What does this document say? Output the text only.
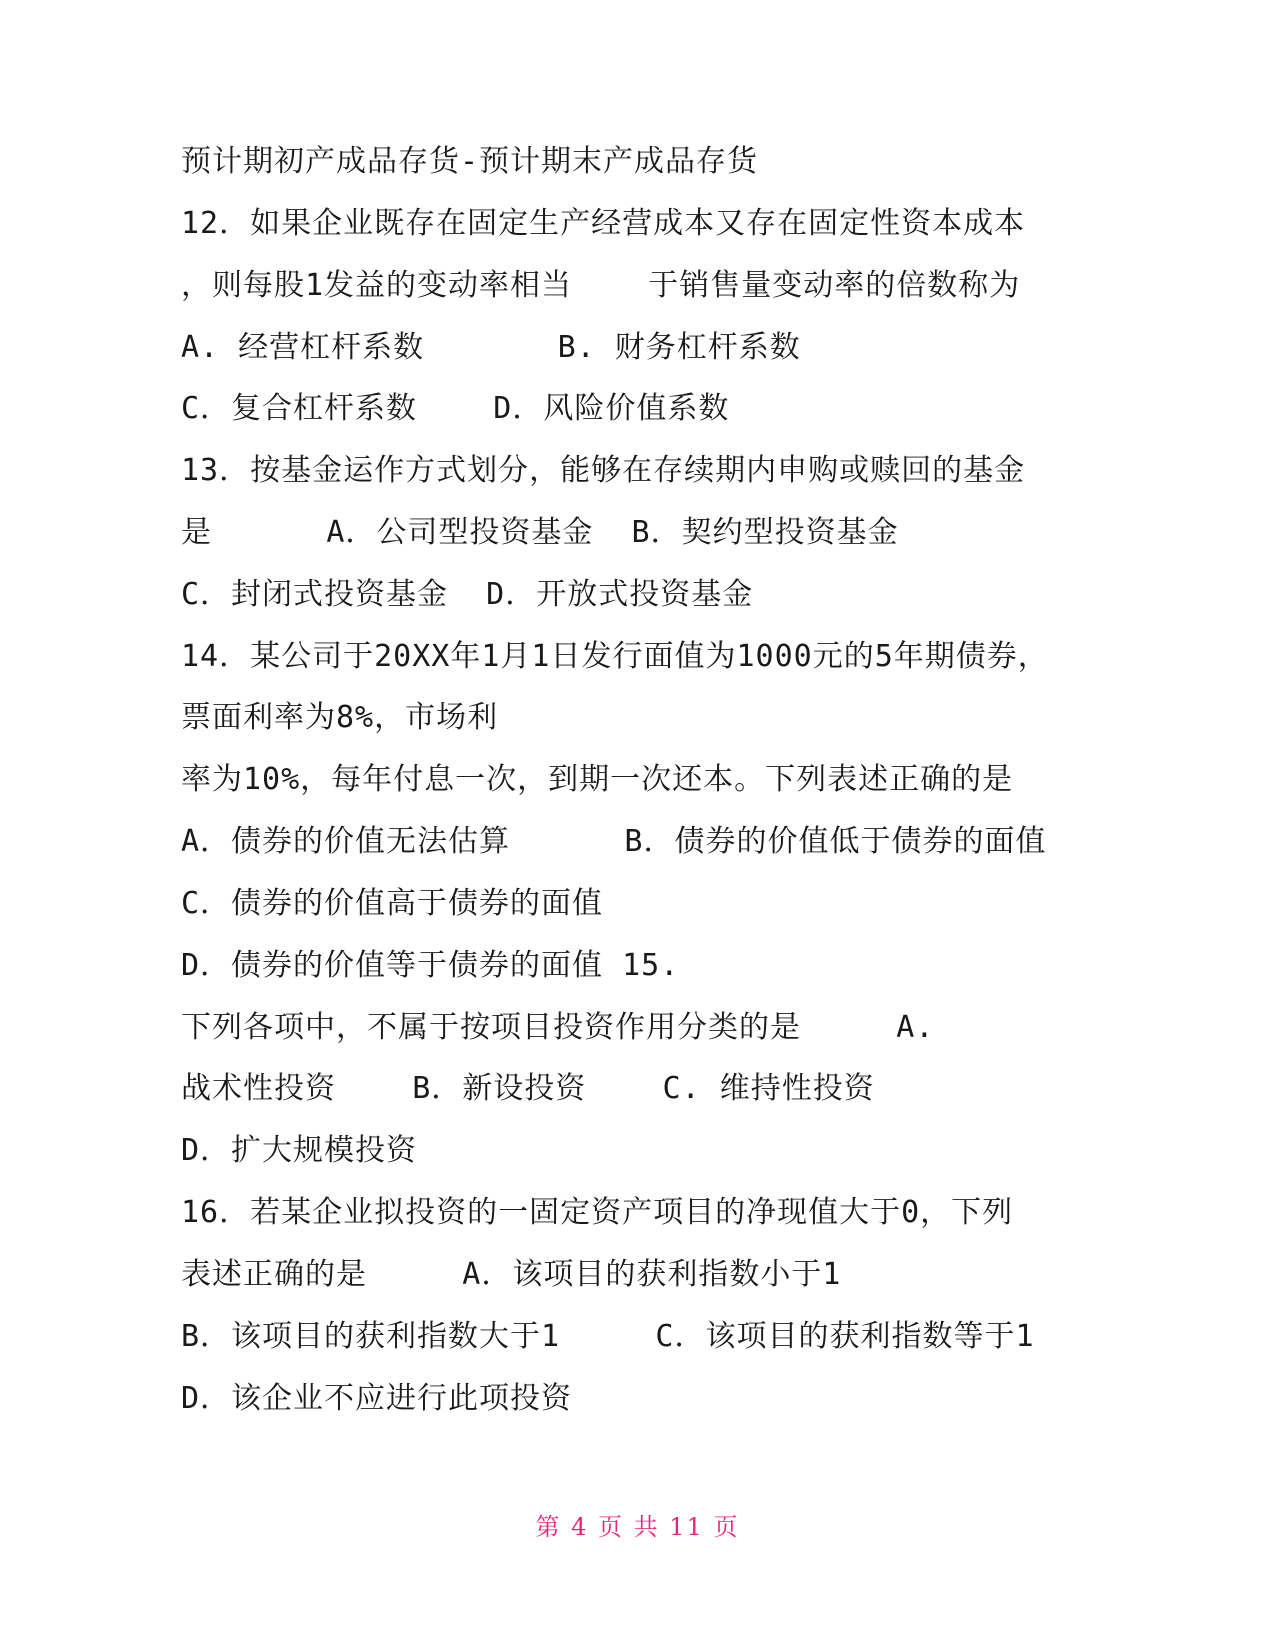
预计期初产成品存货-预计期末产成品存货
12．如果企业既存在固定生产经营成本又存在固定性资本成本
，则每股1发益的变动率相当    于销售量变动率的倍数称为
A. 经营杠杆系数       B. 财务杠杆系数
C．复合杠杆系数    D．风险价值系数
13．按基金运作方式划分，能够在存续期内申购或赎回的基金
是      A．公司型投资基金  B．契约型投资基金
C．封闭式投资基金  D．开放式投资基金
14．某公司于20XX年1月1日发行面值为1000元的5年期债券，
票面利率为8%，市场利
率为10%，每年付息一次，到期一次还本。下列表述正确的是
A．债券的价值无法估算      B．债券的价值低于债券的面值
C．债券的价值高于债券的面值
D．债券的价值等于债券的面值 15.
下列各项中，不属于按项目投资作用分类的是     A.
战术性投资    B．新设投资    C. 维持性投资
D．扩大规模投资
16．若某企业拟投资的一固定资产项目的净现值大于0，下列
表述正确的是     A．该项目的获利指数小于1
B．该项目的获利指数大于1     C．该项目的获利指数等于1
D．该企业不应进行此项投资
第 4 页 共 11 页
